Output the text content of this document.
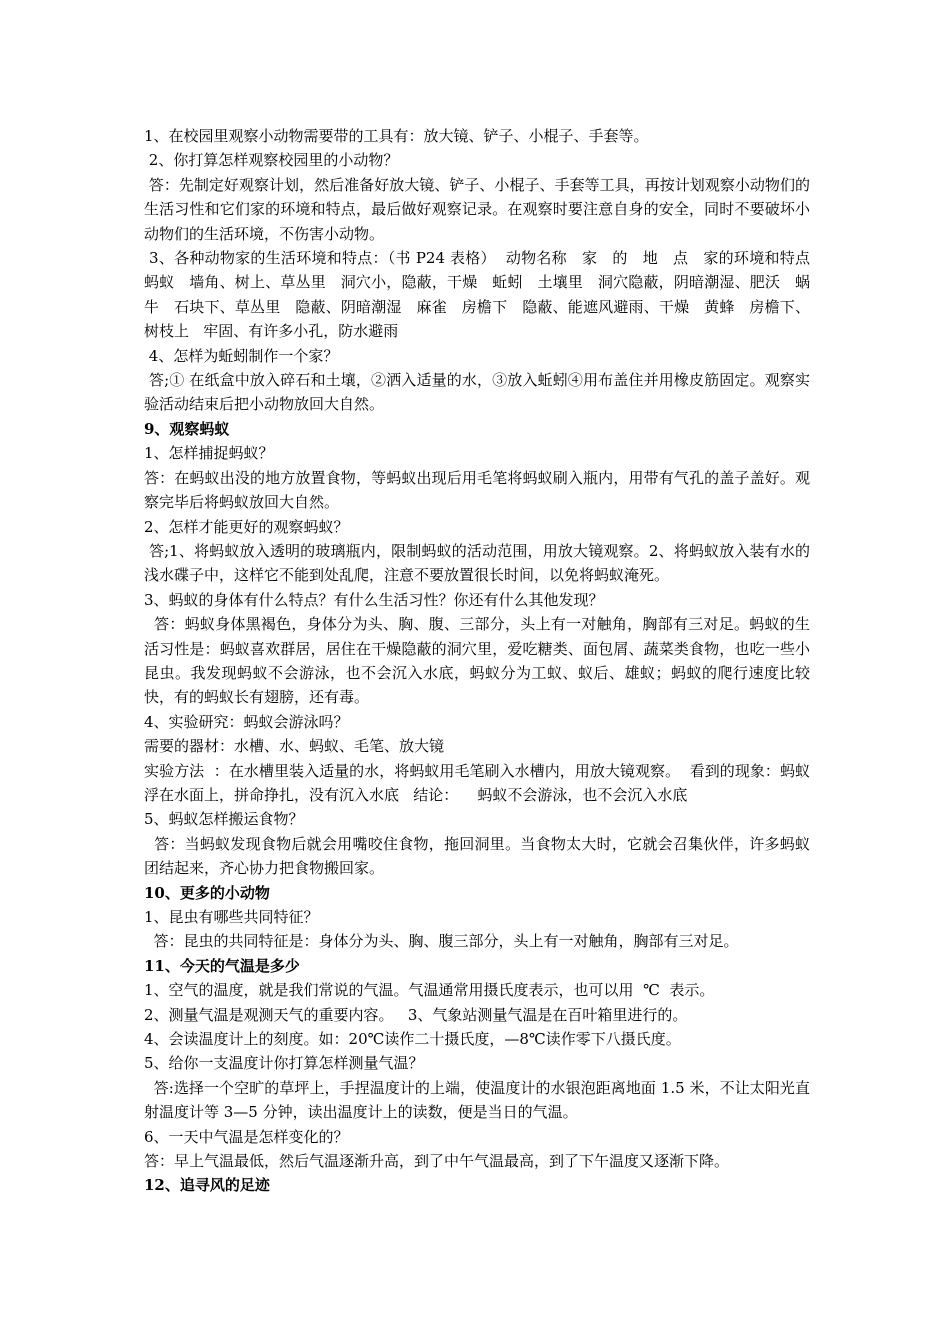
1、在校园里观察小动物需要带的工具有：放大镜、铲子、小棍子、手套等。

2、你打算怎样观察校园里的小动物？

答：先制定好观察计划，然后准备好放大镜、铲子、小棍子、手套等工具，再按计划观察小动物们的生活习性和它们家的环境和特点，最后做好观察记录。在观察时要注意自身的安全，同时不要破坏小动物们的生活环境，不伤害小动物。

3、各种动物家的生活环境和特点：（书 P24 表格）  动物名称   家   的   地   点   家的环境和特点   蚂蚁   墙角、树上、草丛里   洞穴小，隐蔽，干燥   蚯蚓   土壤里   洞穴隐蔽，阴暗潮湿、肥沃   蜗牛   石块下、草丛里   隐蔽、阴暗潮湿   麻雀   房檐下   隐蔽、能遮风避雨、干燥   黄蜂   房檐下、树枝上   牢固、有许多小孔，防水避雨

4、怎样为蚯蚓制作一个家？

答;① 在纸盒中放入碎石和土壤，②洒入适量的水，③放入蚯蚓④用布盖住并用橡皮筋固定。观察实验活动结束后把小动物放回大自然。

9、观察蚂蚁

1、怎样捕捉蚂蚁？

答：在蚂蚁出没的地方放置食物，等蚂蚁出现后用毛笔将蚂蚁刷入瓶内，用带有气孔的盖子盖好。观察完毕后将蚂蚁放回大自然。

2、怎样才能更好的观察蚂蚁？

答;1、将蚂蚁放入透明的玻璃瓶内，限制蚂蚁的活动范围，用放大镜观察。2、将蚂蚁放入装有水的浅水碟子中，这样它不能到处乱爬，注意不要放置很长时间，以免将蚂蚁淹死。

3、蚂蚁的身体有什么特点？有什么生活习性？你还有什么其他发现？

答：蚂蚁身体黑褐色，身体分为头、胸、腹、三部分，头上有一对触角，胸部有三对足。蚂蚁的生活习性是：蚂蚁喜欢群居，居住在干燥隐蔽的洞穴里，爱吃糖类、面包屑、蔬菜类食物，也吃一些小昆虫。我发现蚂蚁不会游泳，也不会沉入水底，蚂蚁分为工蚁、蚁后、雄蚁；蚂蚁的爬行速度比较快，有的蚂蚁长有翅膀，还有毒。

4、实验研究：蚂蚁会游泳吗？

需要的器材：水槽、水、蚂蚁、毛笔、放大镜

实验方法  ：在水槽里装入适量的水，将蚂蚁用毛笔刷入水槽内，用放大镜观察。  看到的现象：蚂蚁浮在水面上，拼命挣扎，没有沉入水底   结论：    蚂蚁不会游泳，也不会沉入水底

5、蚂蚁怎样搬运食物？

答：当蚂蚁发现食物后就会用嘴咬住食物，拖回洞里。当食物太大时，它就会召集伙伴，许多蚂蚁团结起来，齐心协力把食物搬回家。

10、更多的小动物

1、昆虫有哪些共同特征？

答：昆虫的共同特征是：身体分为头、胸、腹三部分，头上有一对触角，胸部有三对足。

11、今天的气温是多少

1、空气的温度，就是我们常说的气温。气温通常用摄氏度表示，也可以用  ℃  表示。

2、测量气温是观测天气的重要内容。   3、气象站测量气温是在百叶箱里进行的。

4、会读温度计上的刻度。如：20℃读作二十摄氏度，—8℃读作零下八摄氏度。

5、给你一支温度计你打算怎样测量气温？

答:选择一个空旷的草坪上，手捏温度计的上端，使温度计的水银泡距离地面 1.5 米，不让太阳光直射温度计等 3—5 分钟，读出温度计上的读数，便是当日的气温。

6、一天中气温是怎样变化的？

答：早上气温最低，然后气温逐渐升高，到了中午气温最高，到了下午温度又逐渐下降。

12、追寻风的足迹
